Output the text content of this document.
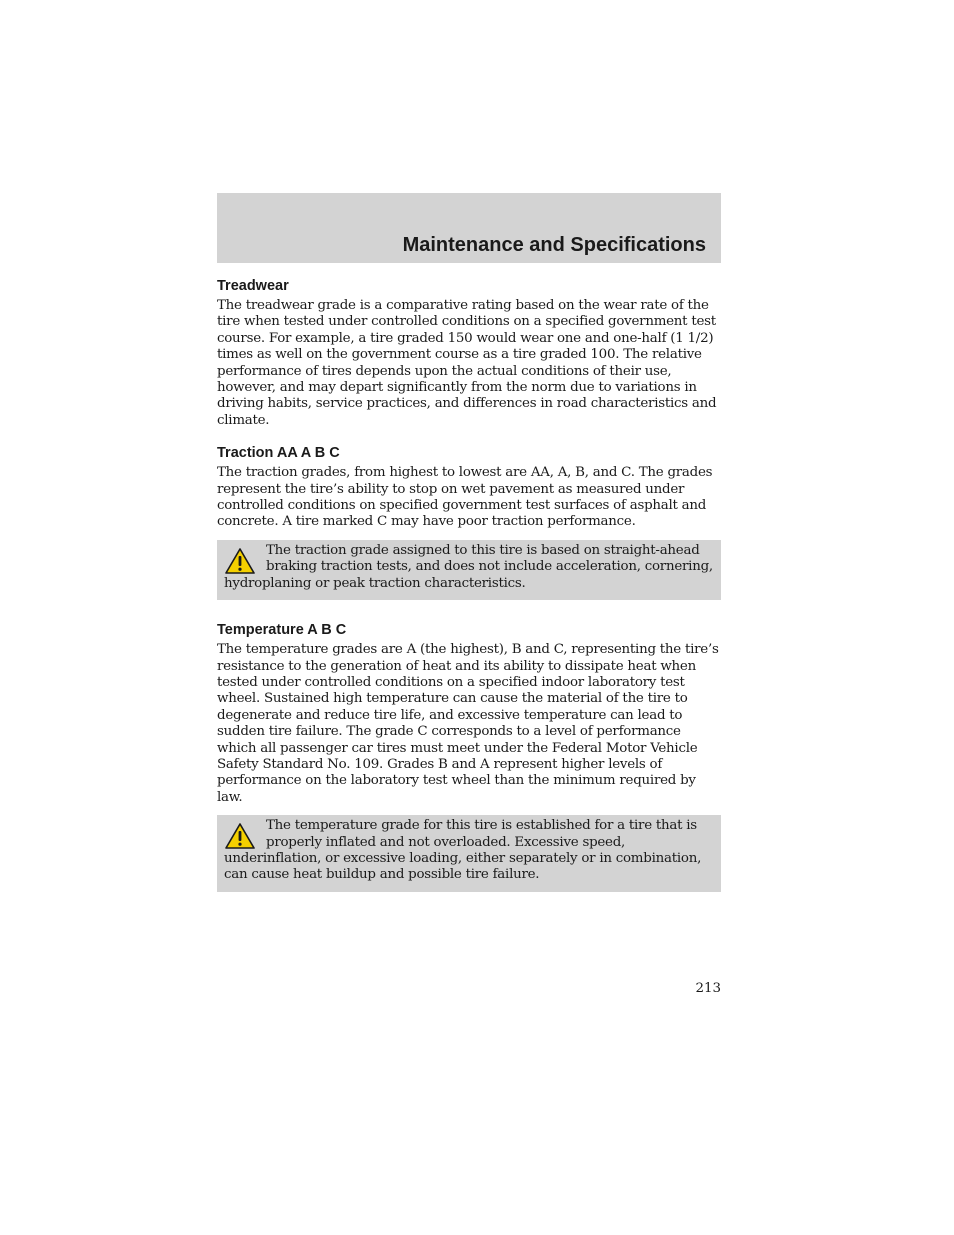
Maintenance and Specifications
Treadwear

The treadwear grade is a comparative rating based on the wear rate of the tire when tested under controlled conditions on a specified government test course. For example, a tire graded 150 would wear one and one-half (1 1/2) times as well on the government course as a tire graded 100. The relative performance of tires depends upon the actual conditions of their use, however, and may depart significantly from the norm due to variations in driving habits, service practices, and differences in road characteristics and climate.

Traction AA A B C

The traction grades, from highest to lowest are AA, A, B, and C. The grades represent the tire’s ability to stop on wet pavement as measured under controlled conditions on specified government test surfaces of asphalt and concrete. A tire marked C may have poor traction performance.

The traction grade assigned to this tire is based on straight-ahead braking traction tests, and does not include acceleration, cornering, hydroplaning or peak traction characteristics.
Temperature A B C

The temperature grades are A (the highest), B and C, representing the tire’s resistance to the generation of heat and its ability to dissipate heat when tested under controlled conditions on a specified indoor laboratory test wheel. Sustained high temperature can cause the material of the tire to degenerate and reduce tire life, and excessive temperature can lead to sudden tire failure. The grade C corresponds to a level of performance which all passenger car tires must meet under the Federal Motor Vehicle Safety Standard No. 109. Grades B and A represent higher levels of performance on the laboratory test wheel than the minimum required by law.

The temperature grade for this tire is established for a tire that is properly inflated and not overloaded. Excessive speed, underinflation, or excessive loading, either separately or in combination, can cause heat buildup and possible tire failure.
213
